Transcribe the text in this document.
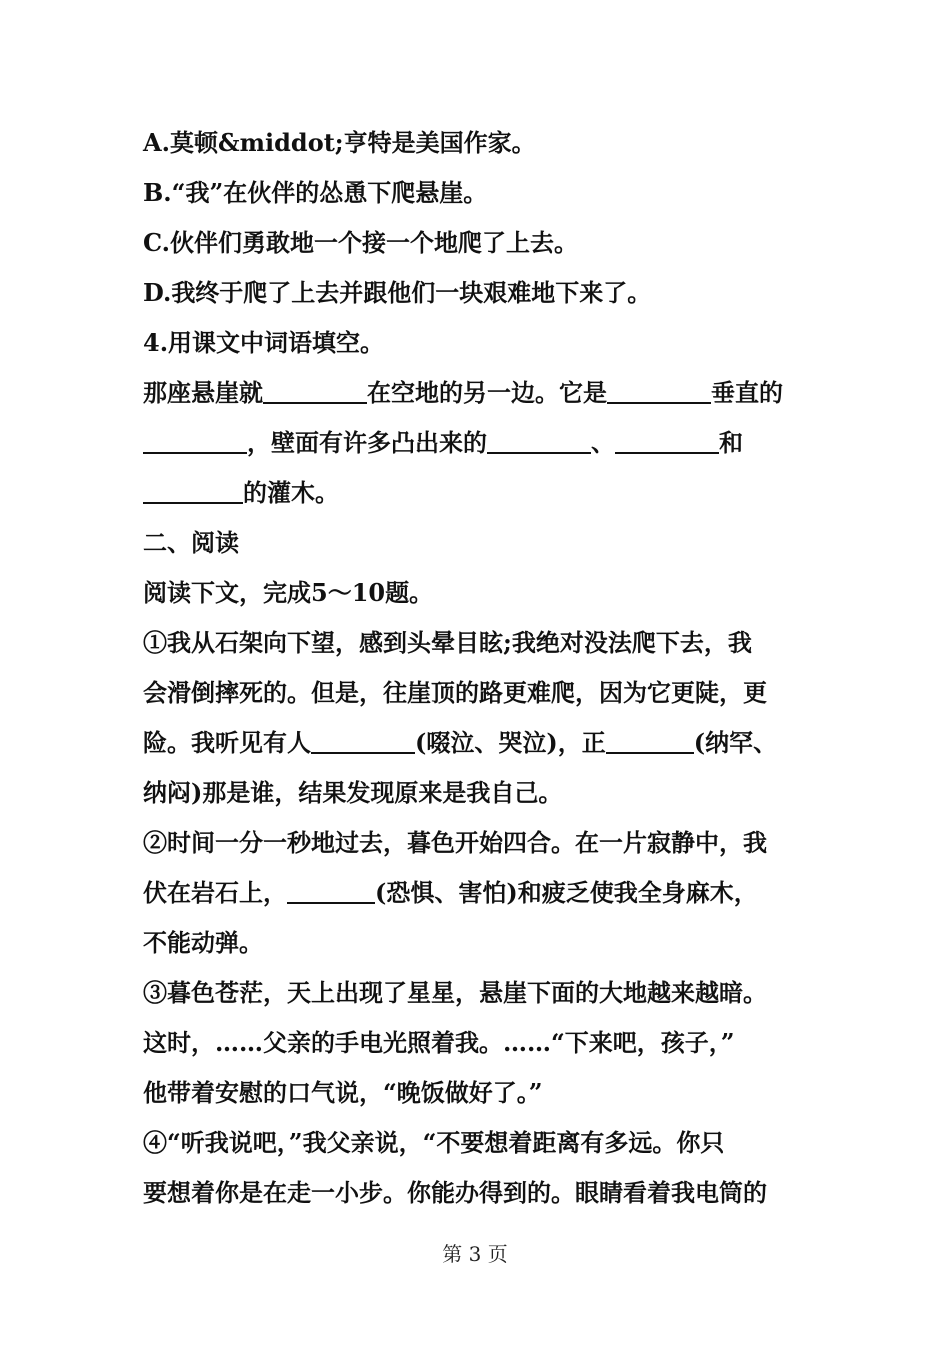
A.莫顿&middot;亨特是美国作家。
B.“我”在伙伴的怂恿下爬悬崖。
C.伙伴们勇敢地一个接一个地爬了上去。
D.我终于爬了上去并跟他们一块艰难地下来了。
4.用课文中词语填空。
那座悬崖就	在空地的另一边。它是	垂直的
，壁面有许多凸出来的	、	和
的灌木。
二、阅读
阅读下文，完成5～10题。
①我从石架向下望，感到头晕目眩;我绝对没法爬下去，我
会滑倒摔死的。但是，往崖顶的路更难爬，因为它更陡，更
险。我听见有人	(啜泣、哭泣)，正	(纳罕、
纳闷)那是谁，结果发现原来是我自己。
②时间一分一秒地过去，暮色开始四合。在一片寂静中，我
伏在岩石上，	(恐惧、害怕)和疲乏使我全身麻木，
不能动弹。
③暮色苍茫，天上出现了星星，悬崖下面的大地越来越暗。
这时，……父亲的手电光照着我。……“下来吧，孩子，”
他带着安慰的口气说，“晚饭做好了。”
④“听我说吧，”我父亲说，“不要想着距离有多远。你只
要想着你是在走一小步。你能办得到的。眼睛看着我电筒的
第 3 页
